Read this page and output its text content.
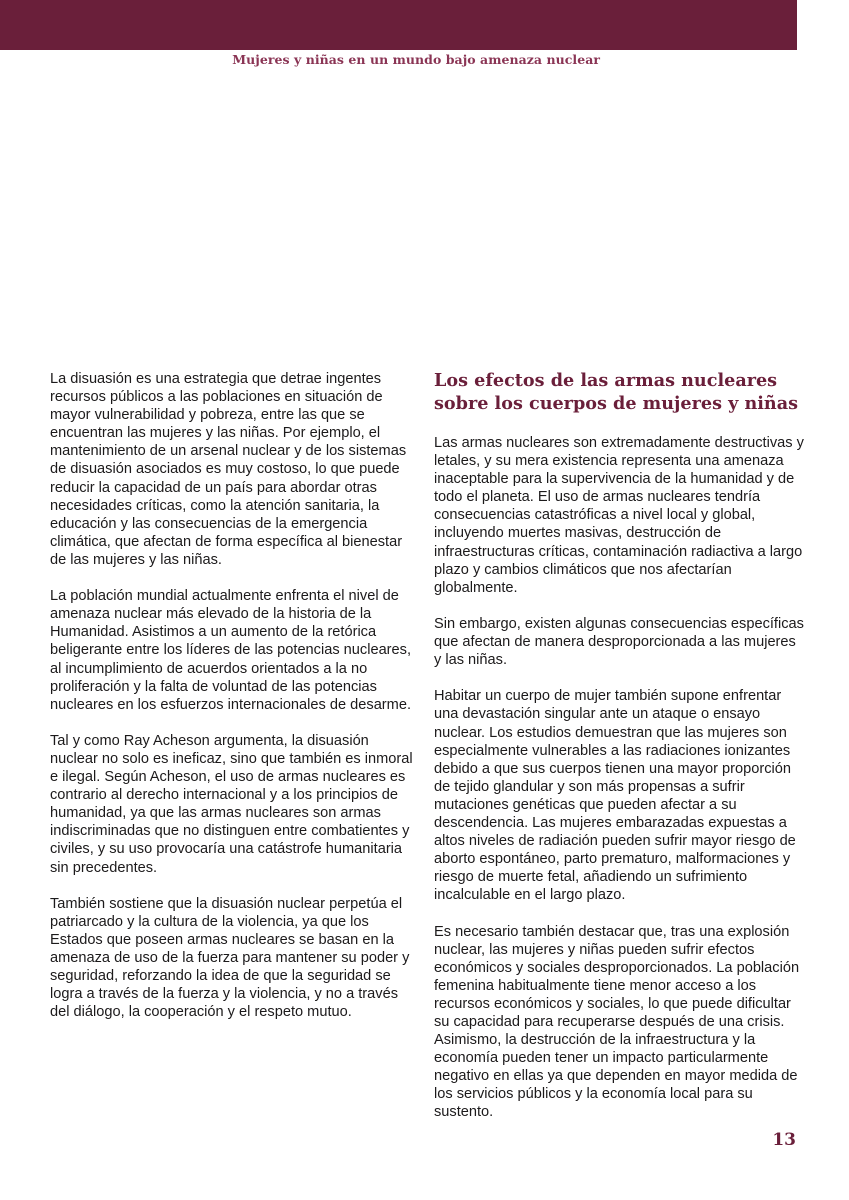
Mujeres y niñas en un mundo bajo amenaza nuclear

La disuasión es una estrategia que detrae ingentes recursos públicos a las poblaciones en situación de mayor vulnerabilidad y pobreza, entre las que se encuentran las mujeres y las niñas. Por ejemplo, el mantenimiento de un arsenal nuclear y de los sistemas de disuasión asociados es muy costoso, lo que puede reducir la capacidad de un país para abordar otras necesidades críticas, como la atención sanitaria, la educación y las consecuencias de la emergencia climática, que afectan de forma específica al bienestar de las mujeres y las niñas.

La población mundial actualmente enfrenta el nivel de amenaza nuclear más elevado de la historia de la Humanidad. Asistimos a un aumento de la retórica beligerante entre los líderes de las potencias nucleares, al incumplimiento de acuerdos orientados a la no proliferación y la falta de voluntad de las potencias nucleares en los esfuerzos internacionales de desarme.

Tal y como Ray Acheson argumenta, la disuasión nuclear no solo es ineficaz, sino que también es inmoral e ilegal. Según Acheson, el uso de armas nucleares es contrario al derecho internacional y a los principios de humanidad, ya que las armas nucleares son armas indiscriminadas que no distinguen entre combatientes y civiles, y su uso provocaría una catástrofe humanitaria sin precedentes.

También sostiene que la disuasión nuclear perpetúa el patriarcado y la cultura de la violencia, ya que los Estados que poseen armas nucleares se basan en la amenaza de uso de la fuerza para mantener su poder y seguridad, reforzando la idea de que la seguridad se logra a través de la fuerza y la violencia, y no a través del diálogo, la cooperación y el respeto mutuo.

Los efectos de las armas nucleares sobre los cuerpos de mujeres y niñas

Las armas nucleares son extremadamente destructivas y letales, y su mera existencia representa una amenaza inaceptable para la supervivencia de la humanidad y de todo el planeta. El uso de armas nucleares tendría consecuencias catastróficas a nivel local y global, incluyendo muertes masivas, destrucción de infraestructuras críticas, contaminación radiactiva a largo plazo y cambios climáticos que nos afectarían globalmente.

Sin embargo, existen algunas consecuencias específicas que afectan de manera desproporcionada a las mujeres y las niñas.

Habitar un cuerpo de mujer también supone enfrentar una devastación singular ante un ataque o ensayo nuclear. Los estudios demuestran que las mujeres son especialmente vulnerables a las radiaciones ionizantes debido a que sus cuerpos tienen una mayor proporción de tejido glandular y son más propensas a sufrir mutaciones genéticas que pueden afectar a su descendencia. Las mujeres embarazadas expuestas a altos niveles de radiación pueden sufrir mayor riesgo de aborto espontáneo, parto prematuro, malformaciones y riesgo de muerte fetal, añadiendo un sufrimiento incalculable en el largo plazo.

Es necesario también destacar que, tras una explosión nuclear, las mujeres y niñas pueden sufrir efectos económicos y sociales desproporcionados. La población femenina habitualmente tiene menor acceso a los recursos económicos y sociales, lo que puede dificultar su capacidad para recuperarse después de una crisis. Asimismo, la destrucción de la infraestructura y la economía pueden tener un impacto particularmente negativo en ellas ya que dependen en mayor medida de los servicios públicos y la economía local para su sustento.

13
